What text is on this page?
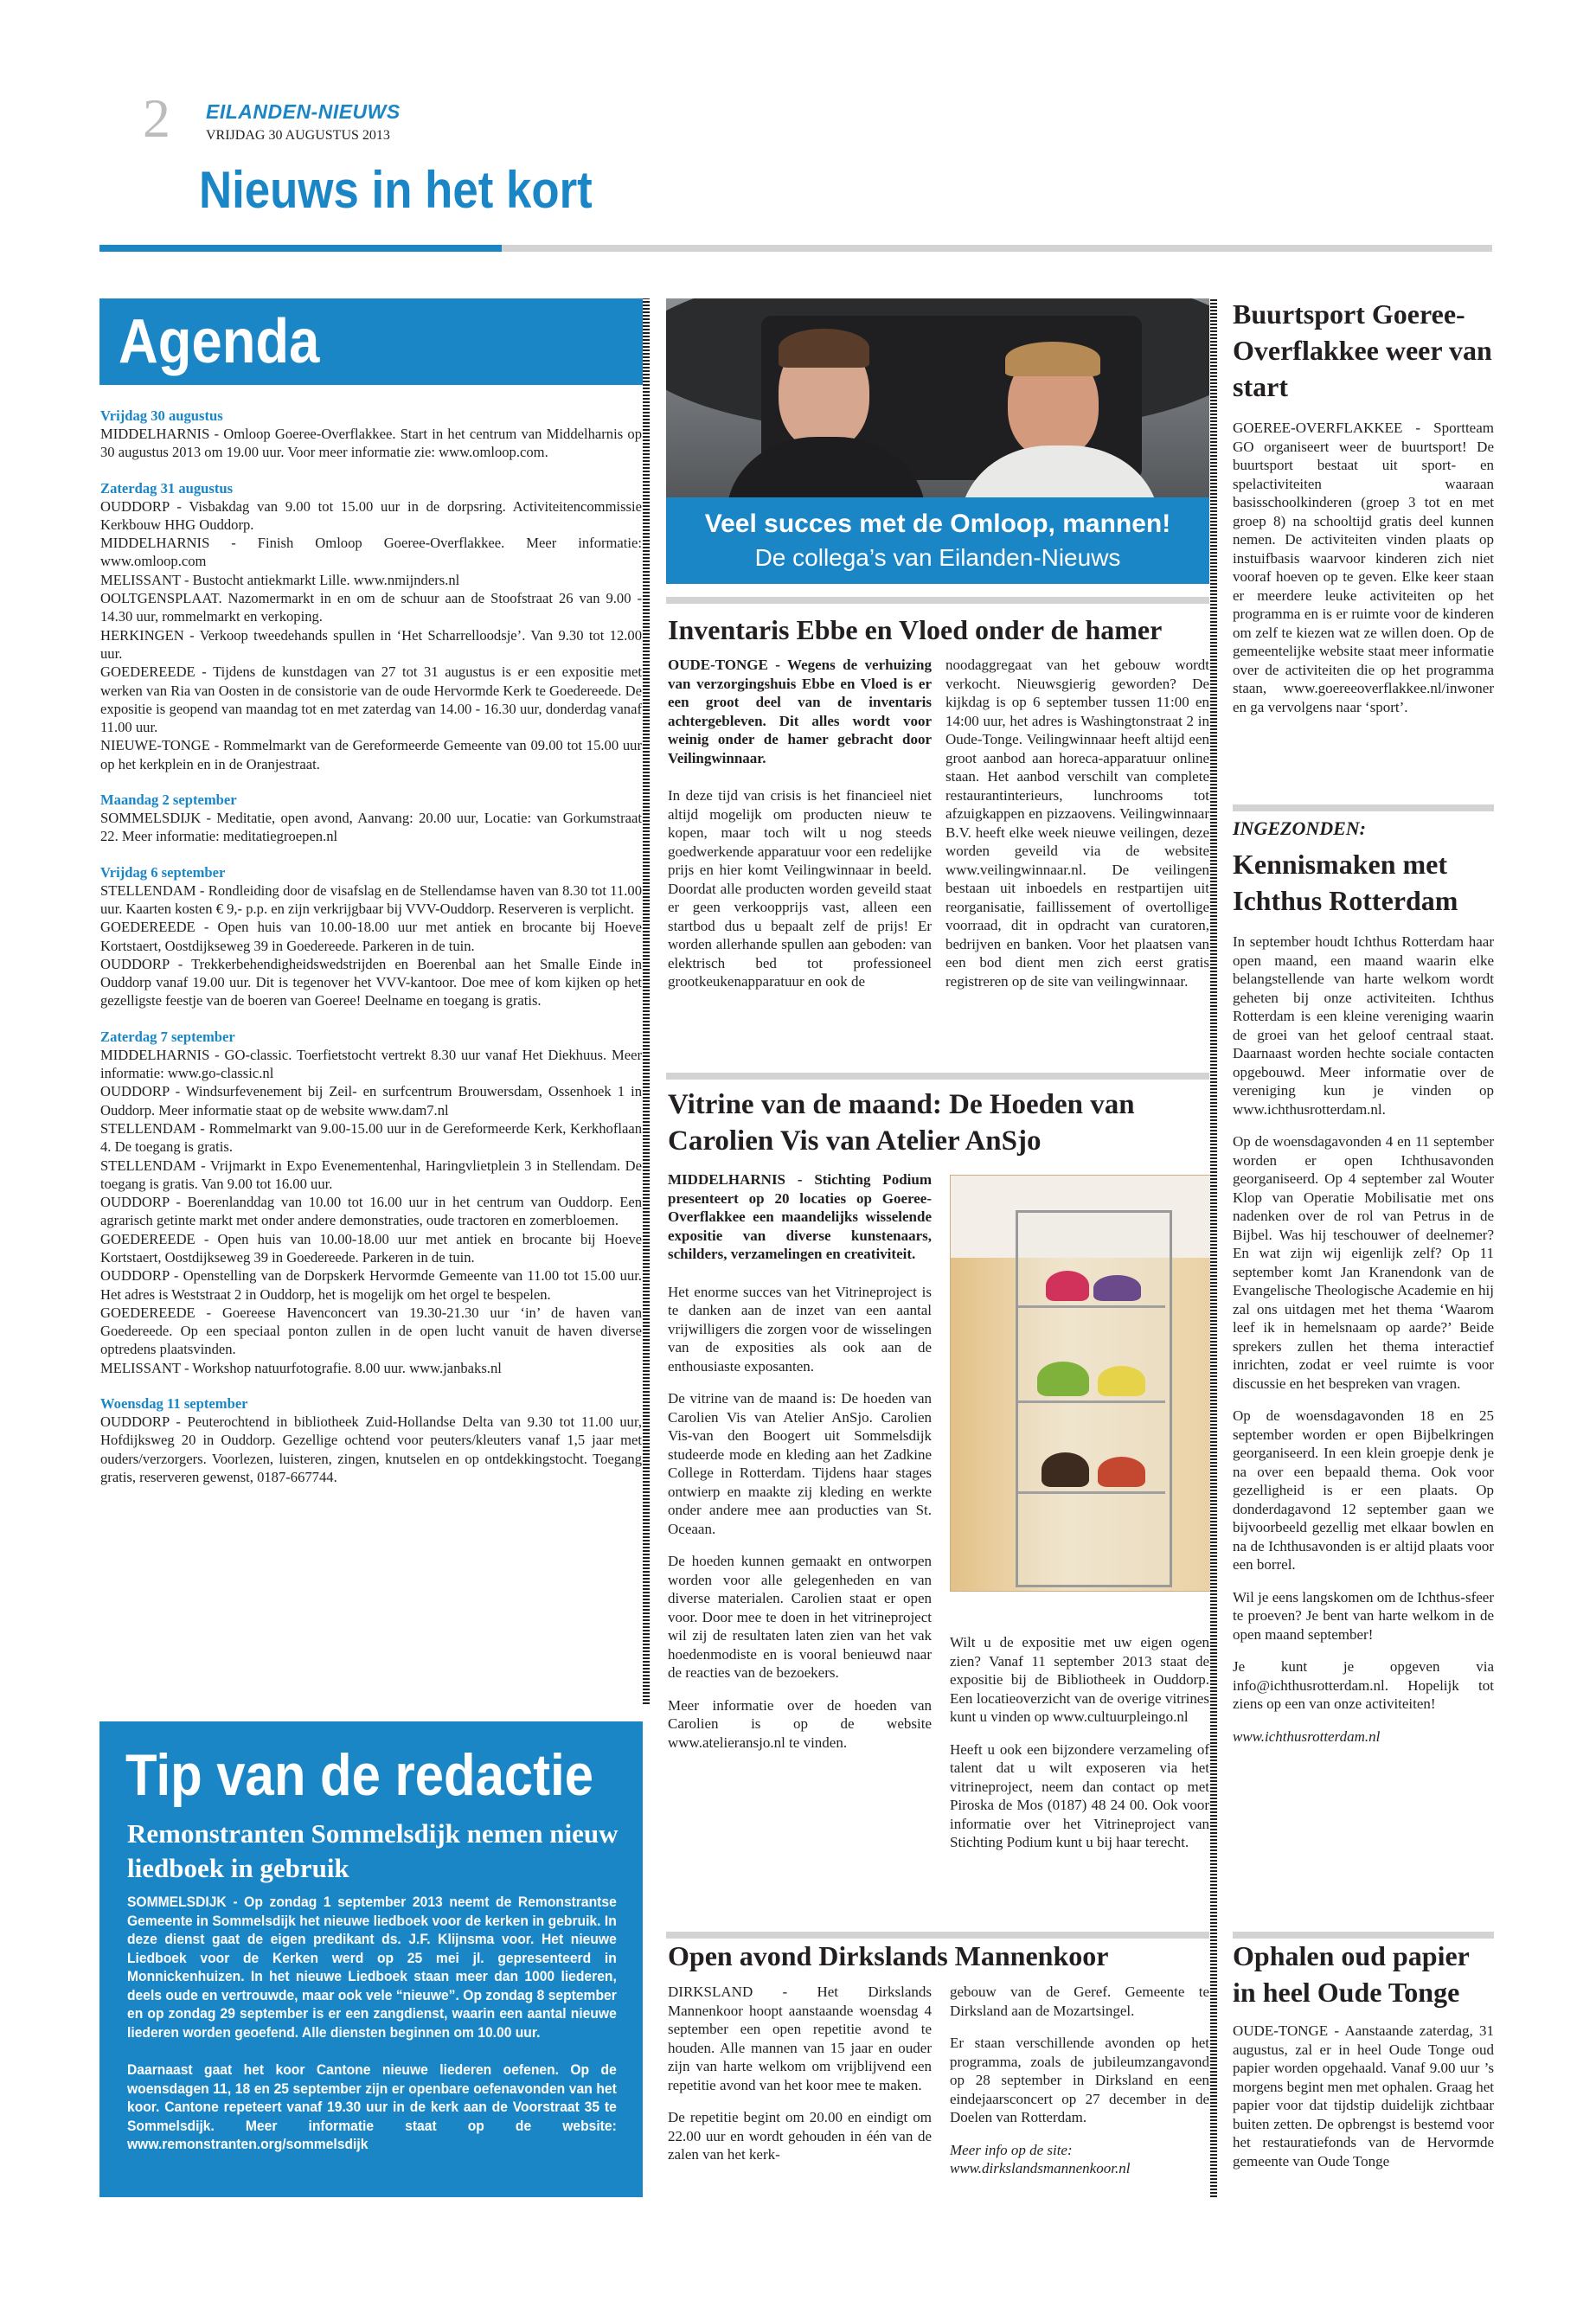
2 EILANDEN-NIEUWS
VRIJDAG 30 AUGUSTUS 2013
Nieuws in het kort
Agenda

Vrijdag 30 augustus

MIDDELHARNIS - Omloop Goeree-Overflakkee. Start in het centrum van Middelharnis op 30 augustus 2013 om 19.00 uur. Voor meer informatie zie: www.omloop.com.

Zaterdag 31 augustus

OUDDORP - Visbakdag van 9.00 tot 15.00 uur in de dorpsring. Activiteitencommissie Kerkbouw HHG Ouddorp.

MIDDELHARNIS - Finish Omloop Goeree-Overflakkee. Meer informatie: www.omloop.com

MELISSANT - Bustocht antiekmarkt Lille. www.nmijnders.nl

OOLTGENSPLAAT. Nazomermarkt in en om de schuur aan de Stoofstraat 26 van 9.00 - 14.30 uur, rommelmarkt en verkoping.

HERKINGEN - Verkoop tweedehands spullen in ‘Het Scharrelloodsje’. Van 9.30 tot 12.00 uur.

GOEDEREEDE - Tijdens de kunstdagen van 27 tot 31 augustus is er een expositie met werken van Ria van Oosten in de consistorie van de oude Hervormde Kerk te Goedereede. De expositie is geopend van maandag tot en met zaterdag van 14.00 - 16.30 uur, donderdag vanaf 11.00 uur.

NIEUWE-TONGE - Rommelmarkt van de Gereformeerde Gemeente van 09.00 tot 15.00 uur op het kerkplein en in de Oranjestraat.

Maandag 2 september

SOMMELSDIJK - Meditatie, open avond, Aanvang: 20.00 uur, Locatie: van Gorkumstraat 22. Meer informatie: meditatiegroepen.nl

Vrijdag 6 september

STELLENDAM - Rondleiding door de visafslag en de Stellendamse haven van 8.30 tot 11.00 uur. Kaarten kosten € 9,- p.p. en zijn verkrijgbaar bij VVV-Ouddorp. Reserveren is verplicht.

GOEDEREEDE - Open huis van 10.00-18.00 uur met antiek en brocante bij Hoeve Kortstaert, Oostdijkseweg 39 in Goedereede. Parkeren in de tuin.

OUDDORP - Trekkerbehendigheidswedstrijden en Boerenbal aan het Smalle Einde in Ouddorp vanaf 19.00 uur. Dit is tegenover het VVV-kantoor. Doe mee of kom kijken op het gezelligste feestje van de boeren van Goeree! Deelname en toegang is gratis.

Zaterdag 7 september

MIDDELHARNIS - GO-classic. Toerfietstocht vertrekt 8.30 uur vanaf Het Diekhuus. Meer informatie: www.go-classic.nl

OUDDORP - Windsurfevenement bij Zeil- en surfcentrum Brouwersdam, Ossenhoek 1 in Ouddorp. Meer informatie staat op de website www.dam7.nl

STELLENDAM - Rommelmarkt van 9.00-15.00 uur in de Gereformeerde Kerk, Kerkhoflaan 4. De toegang is gratis.

STELLENDAM - Vrijmarkt in Expo Evenementenhal, Haringvlietplein 3 in Stellendam. De toegang is gratis. Van 9.00 tot 16.00 uur.

OUDDORP - Boerenlanddag van 10.00 tot 16.00 uur in het centrum van Ouddorp. Een agrarisch getinte markt met onder andere demonstraties, oude tractoren en zomerbloemen.

GOEDEREEDE - Open huis van 10.00-18.00 uur met antiek en brocante bij Hoeve Kortstaert, Oostdijkseweg 39 in Goedereede. Parkeren in de tuin.

OUDDORP - Openstelling van de Dorpskerk Hervormde Gemeente van 11.00 tot 15.00 uur. Het adres is Weststraat 2 in Ouddorp, het is mogelijk om het orgel te bespelen.

GOEDEREEDE - Goereese Havenconcert van 19.30-21.30 uur ‘in’ de haven van Goedereede. Op een speciaal ponton zullen in de open lucht vanuit de haven diverse optredens plaatsvinden.

MELISSANT - Workshop natuurfotografie. 8.00 uur. www.janbaks.nl

Woensdag 11 september

OUDDORP - Peuterochtend in bibliotheek Zuid-Hollandse Delta van 9.30 tot 11.00 uur, Hofdijksweg 20 in Ouddorp. Gezellige ochtend voor peuters/kleuters vanaf 1,5 jaar met ouders/verzorgers. Voorlezen, luisteren, zingen, knutselen en op ontdekkingstocht. Toegang gratis, reserveren gewenst, 0187-667744.

Tip van de redactie
Remonstranten Sommelsdijk nemen nieuw liedboek in gebruik

SOMMELSDIJK - Op zondag 1 september 2013 neemt de Remonstrantse Gemeente in Sommelsdijk het nieuwe liedboek voor de kerken in gebruik. In deze dienst gaat de eigen predikant ds. J.F. Klijnsma voor. Het nieuwe Liedboek voor de Kerken werd op 25 mei jl. gepresenteerd in Monnickenhuizen. In het nieuwe Liedboek staan meer dan 1000 liederen, deels oude en vertrouwde, maar ook vele “nieuwe”. Op zondag 8 september en op zondag 29 september is er een zangdienst, waarin een aantal nieuwe liederen worden geoefend. Alle diensten beginnen om 10.00 uur.

Daarnaast gaat het koor Cantone nieuwe liederen oefenen. Op de woensdagen 11, 18 en 25 september zijn er openbare oefenavonden van het koor. Cantone repeteert vanaf 19.30 uur in de kerk aan de Voorstraat 35 te Sommelsdijk. Meer informatie staat op de website: www.remonstranten.org/sommelsdijk

Veel succes met de Omloop, mannen!
De collega’s van Eilanden-Nieuws
Inventaris Ebbe en Vloed onder de hamer

OUDE-TONGE - Wegens de verhuizing van verzorgingshuis Ebbe en Vloed is er een groot deel van de inventaris achtergebleven. Dit alles wordt voor weinig onder de hamer gebracht door Veilingwinnaar.

In deze tijd van crisis is het financieel niet altijd mogelijk om producten nieuw te kopen, maar toch wilt u nog steeds goedwerkende apparatuur voor een redelijke prijs en hier komt Veilingwinnaar in beeld. Doordat alle producten worden geveild staat er geen verkoopprijs vast, alleen een startbod dus u bepaalt zelf de prijs! Er worden allerhande spullen aan geboden: van elektrisch bed tot professioneel grootkeukenapparatuur en ook de

noodaggregaat van het gebouw wordt verkocht. Nieuwsgierig geworden? De kijkdag is op 6 september tussen 11:00 en 14:00 uur, het adres is Washingtonstraat 2 in Oude-Tonge. Veilingwinnaar heeft altijd een groot aanbod aan horeca-apparatuur online staan. Het aanbod verschilt van complete restaurantinterieurs, lunchrooms tot afzuigkappen en pizzaovens. Veilingwinnaar B.V. heeft elke week nieuwe veilingen, deze worden geveild via de website www.veilingwinnaar.nl. De veilingen bestaan uit inboedels en restpartijen uit reorganisatie, faillissement of overtollige voorraad, dit in opdracht van curatoren, bedrijven en banken. Voor het plaatsen van een bod dient men zich eerst gratis registreren op de site van veilingwinnaar.

Vitrine van de maand: De Hoeden van Carolien Vis van Atelier AnSjo

MIDDELHARNIS - Stichting Podium presenteert op 20 locaties op Goeree-Overflakkee een maandelijks wisselende expositie van diverse kunstenaars, schilders, verzamelingen en creativiteit.

Het enorme succes van het Vitrineproject is te danken aan de inzet van een aantal vrijwilligers die zorgen voor de wisselingen van de exposities als ook aan de enthousiaste exposanten.

De vitrine van de maand is: De hoeden van Carolien Vis van Atelier AnSjo. Carolien Vis-van den Boogert uit Sommelsdijk studeerde mode en kleding aan het Zadkine College in Rotterdam. Tijdens haar stages ontwierp en maakte zij kleding en werkte onder andere mee aan producties van St. Oceaan.

De hoeden kunnen gemaakt en ontworpen worden voor alle gelegenheden en van diverse materialen. Carolien staat er open voor. Door mee te doen in het vitrineproject wil zij de resultaten laten zien van het vak hoedenmodiste en is vooral benieuwd naar de reacties van de bezoekers.

Meer informatie over de hoeden van Carolien is op de website www.atelieransjo.nl te vinden.

Wilt u de expositie met uw eigen ogen zien? Vanaf 11 september 2013 staat de expositie bij de Bibliotheek in Ouddorp. Een locatieoverzicht van de overige vitrines kunt u vinden op www.cultuurpleingo.nl

Heeft u ook een bijzondere verzameling of talent dat u wilt exposeren via het vitrineproject, neem dan contact op met Piroska de Mos (0187) 48 24 00. Ook voor informatie over het Vitrineproject van Stichting Podium kunt u bij haar terecht.

Open avond Dirkslands Mannenkoor

DIRKSLAND - Het Dirkslands Mannenkoor hoopt aanstaande woensdag 4 september een open repetitie avond te houden. Alle mannen van 15 jaar en ouder zijn van harte welkom om vrijblijvend een repetitie avond van het koor mee te maken.

De repetitie begint om 20.00 en eindigt om 22.00 uur en wordt gehouden in één van de zalen van het kerk-

gebouw van de Geref. Gemeente te Dirksland aan de Mozartsingel.

Er staan verschillende avonden op het programma, zoals de jubileumzangavond op 28 september in Dirksland en een eindejaarsconcert op 27 december in de Doelen van Rotterdam.

Meer info op de site:
www.dirkslandsmannenkoor.nl

Buurtsport Goeree-Overflakkee weer van start

GOEREE-OVERFLAKKEE - Sportteam GO organiseert weer de buurtsport! De buurtsport bestaat uit sport- en spelactiviteiten waaraan basisschoolkinderen (groep 3 tot en met groep 8) na schooltijd gratis deel kunnen nemen. De activiteiten vinden plaats op instuifbasis waarvoor kinderen zich niet vooraf hoeven op te geven. Elke keer staan er meerdere leuke activiteiten op het programma en is er ruimte voor de kinderen om zelf te kiezen wat ze willen doen. Op de gemeentelijke website staat meer informatie over de activiteiten die op het programma staan, www.goereeoverflakkee.nl/inwoner en ga vervolgens naar ‘sport’.

INGEZONDEN:
Kennismaken met Ichthus Rotterdam

In september houdt Ichthus Rotterdam haar open maand, een maand waarin elke belangstellende van harte welkom wordt geheten bij onze activiteiten. Ichthus Rotterdam is een kleine vereniging waarin de groei van het geloof centraal staat. Daarnaast worden hechte sociale contacten opgebouwd. Meer informatie over de vereniging kun je vinden op www.ichthusrotterdam.nl.

Op de woensdagavonden 4 en 11 september worden er open Ichthusavonden georganiseerd. Op 4 september zal Wouter Klop van Operatie Mobilisatie met ons nadenken over de rol van Petrus in de Bijbel. Was hij teschouwer of deelnemer? En wat zijn wij eigenlijk zelf? Op 11 september komt Jan Kranendonk van de Evangelische Theologische Academie en hij zal ons uitdagen met het thema ‘Waarom leef ik in hemelsnaam op aarde?’ Beide sprekers zullen het thema interactief inrichten, zodat er veel ruimte is voor discussie en het bespreken van vragen.

Op de woensdagavonden 18 en 25 september worden er open Bijbelkringen georganiseerd. In een klein groepje denk je na over een bepaald thema. Ook voor gezelligheid is er een plaats. Op donderdagavond 12 september gaan we bijvoorbeeld gezellig met elkaar bowlen en na de Ichthusavonden is er altijd plaats voor een borrel.

Wil je eens langskomen om de Ichthus-sfeer te proeven? Je bent van harte welkom in de open maand september!

Je kunt je opgeven via info@ichthusrotterdam.nl. Hopelijk tot ziens op een van onze activiteiten!

www.ichthusrotterdam.nl

Ophalen oud papier in heel Oude Tonge

OUDE-TONGE - Aanstaande zaterdag, 31 augustus, zal er in heel Oude Tonge oud papier worden opgehaald. Vanaf 9.00 uur ’s morgens begint men met ophalen. Graag het papier voor dat tijdstip duidelijk zichtbaar buiten zetten. De opbrengst is bestemd voor het restauratiefonds van de Hervormde gemeente van Oude Tonge
